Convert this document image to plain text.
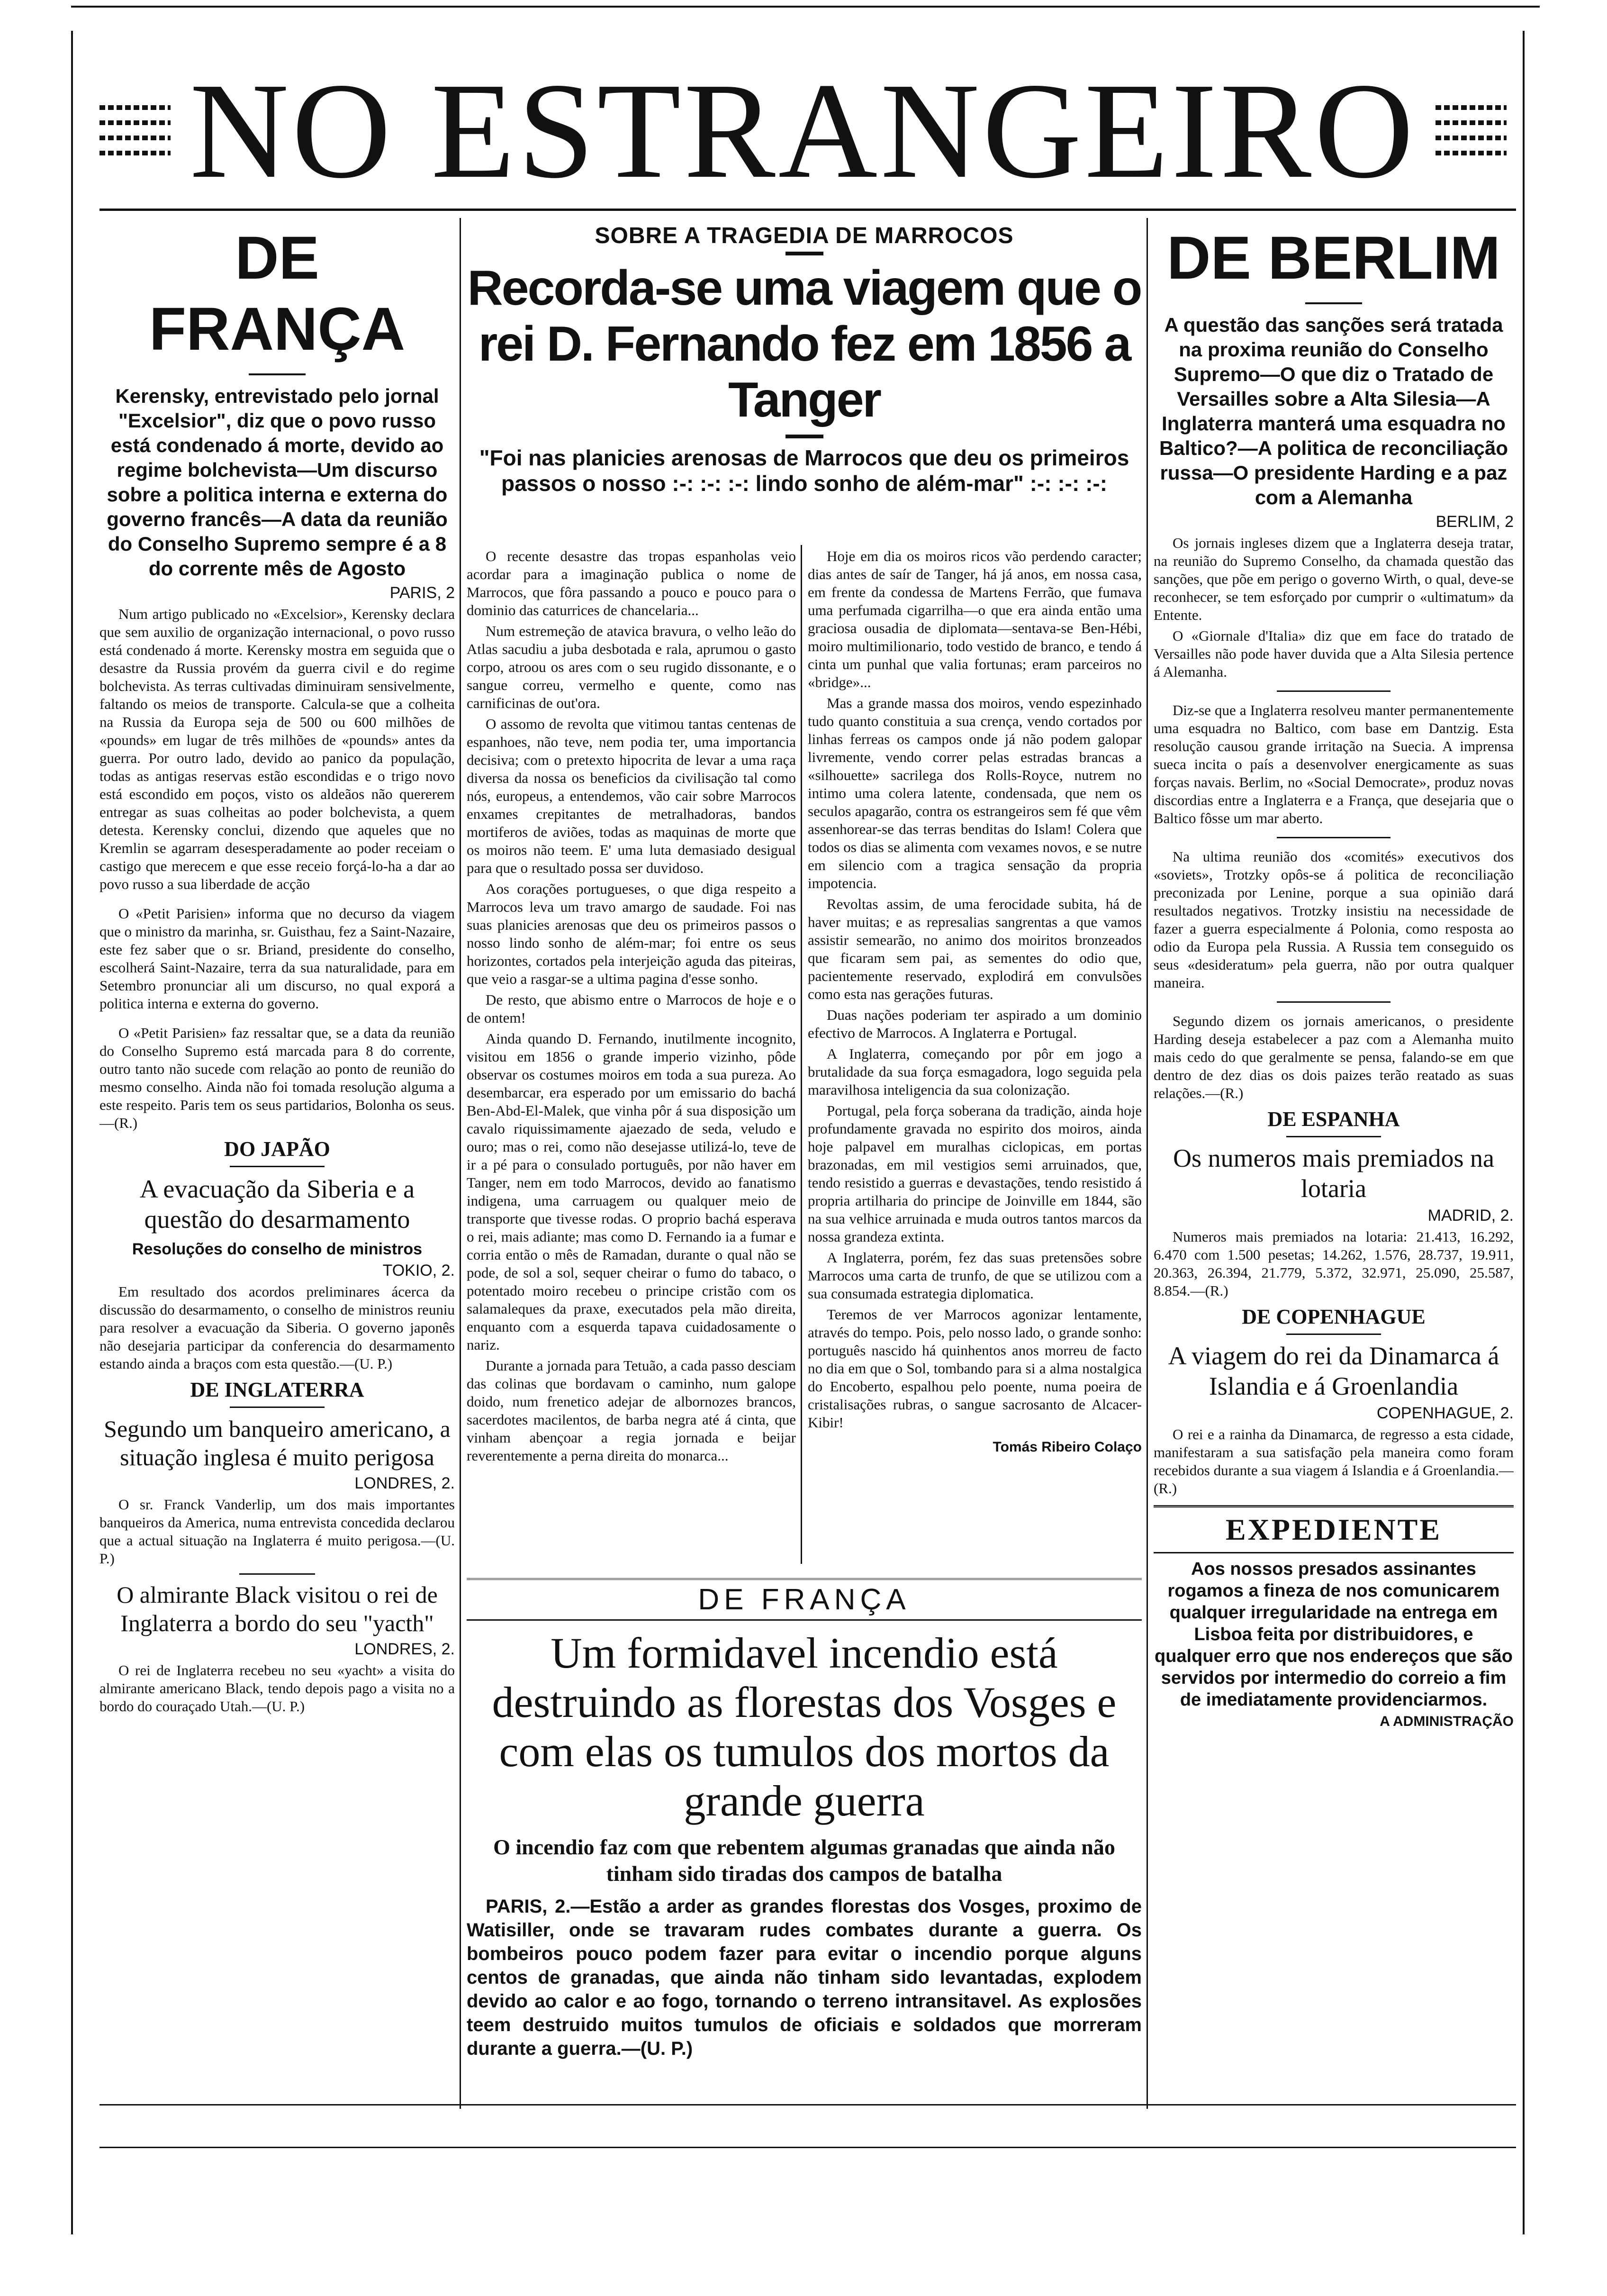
NO ESTRANGEIRO
DE FRANÇA
Kerensky, entrevistado pelo jornal "Excelsior", diz que o povo russo está condenado á morte, devido ao regime bolchevista—Um discurso sobre a politica interna e externa do governo francês—A data da reunião do Conselho Supremo sempre é a 8 do corrente mês de Agosto
PARIS, 2

Num artigo publicado no «Excelsior», Kerensky declara que sem auxilio de organização internacional, o povo russo está condenado á morte. Kerensky mostra em seguida que o desastre da Russia provém da guerra civil e do regime bolchevista. As terras cultivadas diminuiram sensivelmente, faltando os meios de transporte. Calcula-se que a colheita na Russia da Europa seja de 500 ou 600 milhões de «pounds» em lugar de três milhões de «pounds» antes da guerra. Por outro lado, devido ao panico da população, todas as antigas reservas estão escondidas e o trigo novo está escondido em poços, visto os aldeãos não quererem entregar as suas colheitas ao poder bolchevista, a quem detesta. Kerensky conclui, dizendo que aqueles que no Kremlin se agarram desesperadamente ao poder receiam o castigo que merecem e que esse receio forçá-lo-ha a dar ao povo russo a sua liberdade de acção

O «Petit Parisien» informa que no decurso da viagem que o ministro da marinha, sr. Guisthau, fez a Saint-Nazaire, este fez saber que o sr. Briand, presidente do conselho, escolherá Saint-Nazaire, terra da sua naturalidade, para em Setembro pronunciar ali um discurso, no qual exporá a politica interna e externa do governo.

O «Petit Parisien» faz ressaltar que, se a data da reunião do Conselho Supremo está marcada para 8 do corrente, outro tanto não sucede com relação ao ponto de reunião do mesmo conselho. Ainda não foi tomada resolução alguma a este respeito. Paris tem os seus partidarios, Bolonha os seus.—(R.)

DO JAPÃO
A evacuação da Siberia e a questão do desarmamento
Resoluções do conselho de ministros
TOKIO, 2.

Em resultado dos acordos preliminares ácerca da discussão do desarmamento, o conselho de ministros reuniu para resolver a evacuação da Siberia. O governo japonês não desejaria participar da conferencia do desarmamento estando ainda a braços com esta questão.—(U. P.)

DE INGLATERRA
Segundo um banqueiro americano, a situação inglesa é muito perigosa
LONDRES, 2.

O sr. Franck Vanderlip, um dos mais importantes banqueiros da America, numa entrevista concedida declarou que a actual situação na Inglaterra é muito perigosa.—(U. P.)

O almirante Black visitou o rei de Inglaterra a bordo do seu "yacth"
LONDRES, 2.

O rei de Inglaterra recebeu no seu «yacht» a visita do almirante americano Black, tendo depois pago a visita no a bordo do couraçado Utah.—(U. P.)

SOBRE A TRAGEDIA DE MARROCOS
Recorda-se uma viagem que o rei D. Fernando fez em 1856 a Tanger
"Foi nas planicies arenosas de Marrocos que deu os primeiros passos o nosso :-: :-: :-: lindo sonho de além-mar" :-: :-: :-:

O recente desastre das tropas espanholas veio acordar para a imaginação publica o nome de Marrocos, que fôra passando a pouco e pouco para o dominio das caturrices de chancelaria...

Num estremeção de atavica bravura, o velho leão do Atlas sacudiu a juba desbotada e rala, aprumou o gasto corpo, atroou os ares com o seu rugido dissonante, e o sangue correu, vermelho e quente, como nas carnificinas de out'ora.

O assomo de revolta que vitimou tantas centenas de espanhoes, não teve, nem podia ter, uma importancia decisiva; com o pretexto hipocrita de levar a uma raça diversa da nossa os beneficios da civilisação tal como nós, europeus, a entendemos, vão cair sobre Marrocos enxames crepitantes de metralhadoras, bandos mortiferos de aviões, todas as maquinas de morte que os moiros não teem. E' uma luta demasiado desigual para que o resultado possa ser duvidoso.

Aos corações portugueses, o que diga respeito a Marrocos leva um travo amargo de saudade. Foi nas suas planicies arenosas que deu os primeiros passos o nosso lindo sonho de além-mar; foi entre os seus horizontes, cortados pela interjeição aguda das piteiras, que veio a rasgar-se a ultima pagina d'esse sonho.

De resto, que abismo entre o Marrocos de hoje e o de ontem!

Ainda quando D. Fernando, inutilmente incognito, visitou em 1856 o grande imperio vizinho, pôde observar os costumes moiros em toda a sua pureza. Ao desembarcar, era esperado por um emissario do bachá Ben-Abd-El-Malek, que vinha pôr á sua disposição um cavalo riquissimamente ajaezado de seda, veludo e ouro; mas o rei, como não desejasse utilizá-lo, teve de ir a pé para o consulado português, por não haver em Tanger, nem em todo Marrocos, devido ao fanatismo indigena, uma carruagem ou qualquer meio de transporte que tivesse rodas. O proprio bachá esperava o rei, mais adiante; mas como D. Fernando ia a fumar e corria então o mês de Ramadan, durante o qual não se pode, de sol a sol, sequer cheirar o fumo do tabaco, o potentado moiro recebeu o principe cristão com os salamaleques da praxe, executados pela mão direita, enquanto com a esquerda tapava cuidadosamente o nariz.

Durante a jornada para Tetuão, a cada passo desciam das colinas que bordavam o caminho, num galope doido, num frenetico adejar de albornozes brancos, sacerdotes macilentos, de barba negra até á cinta, que vinham abençoar a regia jornada e beijar reverentemente a perna direita do monarca...

Hoje em dia os moiros ricos vão perdendo caracter; dias antes de saír de Tanger, há já anos, em nossa casa, em frente da condessa de Martens Ferrão, que fumava uma perfumada cigarrilha—o que era ainda então uma graciosa ousadia de diplomata—sentava-se Ben-Hébi, moiro multimilionario, todo vestido de branco, e tendo á cinta um punhal que valia fortunas; eram parceiros no «bridge»...

Mas a grande massa dos moiros, vendo espezinhado tudo quanto constituia a sua crença, vendo cortados por linhas ferreas os campos onde já não podem galopar livremente, vendo correr pelas estradas brancas a «silhouette» sacrilega dos Rolls-Royce, nutrem no intimo uma colera latente, condensada, que nem os seculos apagarão, contra os estrangeiros sem fé que vêm assenhorear-se das terras benditas do Islam! Colera que todos os dias se alimenta com vexames novos, e se nutre em silencio com a tragica sensação da propria impotencia.

Revoltas assim, de uma ferocidade subita, há de haver muitas; e as represalias sangrentas a que vamos assistir semearão, no animo dos moiritos bronzeados que ficaram sem pai, as sementes do odio que, pacientemente reservado, explodirá em convulsões como esta nas gerações futuras.

Duas nações poderiam ter aspirado a um dominio efectivo de Marrocos. A Inglaterra e Portugal.

A Inglaterra, começando por pôr em jogo a brutalidade da sua força esmagadora, logo seguida pela maravilhosa inteligencia da sua colonização.

Portugal, pela força soberana da tradição, ainda hoje profundamente gravada no espirito dos moiros, ainda hoje palpavel em muralhas ciclopicas, em portas brazonadas, em mil vestigios semi arruinados, que, tendo resistido a guerras e devastações, tendo resistido á propria artilharia do principe de Joinville em 1844, são na sua velhice arruinada e muda outros tantos marcos da nossa grandeza extinta.

A Inglaterra, porém, fez das suas pretensões sobre Marrocos uma carta de trunfo, de que se utilizou com a sua consumada estrategia diplomatica.

Teremos de ver Marrocos agonizar lentamente, através do tempo. Pois, pelo nosso lado, o grande sonho: português nascido há quinhentos anos morreu de facto no dia em que o Sol, tombando para si a alma nostalgica do Encoberto, espalhou pelo poente, numa poeira de cristalisações rubras, o sangue sacrosanto de Alcacer-Kibir!

Tomás Ribeiro Colaço
DE FRANÇA
Um formidavel incendio está destruindo as florestas dos Vosges e com elas os tumulos dos mortos da grande guerra
O incendio faz com que rebentem algumas granadas que ainda não tinham sido tiradas dos campos de batalha

PARIS, 2.—Estão a arder as grandes florestas dos Vosges, proximo de Watisiller, onde se travaram rudes combates durante a guerra. Os bombeiros pouco podem fazer para evitar o incendio porque alguns centos de granadas, que ainda não tinham sido levantadas, explodem devido ao calor e ao fogo, tornando o terreno intransitavel. As explosões teem destruido muitos tumulos de oficiais e soldados que morreram durante a guerra.—(U. P.)

DE BERLIM
A questão das sanções será tratada na proxima reunião do Conselho Supremo—O que diz o Tratado de Versailles sobre a Alta Silesia—A Inglaterra manterá uma esquadra no Baltico?—A politica de reconciliação russa—O presidente Harding e a paz com a Alemanha
BERLIM, 2

Os jornais ingleses dizem que a Inglaterra deseja tratar, na reunião do Supremo Conselho, da chamada questão das sanções, que põe em perigo o governo Wirth, o qual, deve-se reconhecer, se tem esforçado por cumprir o «ultimatum» da Entente.

O «Giornale d'Italia» diz que em face do tratado de Versailles não pode haver duvida que a Alta Silesia pertence á Alemanha.

Diz-se que a Inglaterra resolveu manter permanentemente uma esquadra no Baltico, com base em Dantzig. Esta resolução causou grande irritação na Suecia. A imprensa sueca incita o país a desenvolver energicamente as suas forças navais. Berlim, no «Social Democrate», produz novas discordias entre a Inglaterra e a França, que desejaria que o Baltico fôsse um mar aberto.

Na ultima reunião dos «comités» executivos dos «soviets», Trotzky opôs-se á politica de reconciliação preconizada por Lenine, porque a sua opinião dará resultados negativos. Trotzky insistiu na necessidade de fazer a guerra especialmente á Polonia, como resposta ao odio da Europa pela Russia. A Russia tem conseguido os seus «desideratum» pela guerra, não por outra qualquer maneira.

Segundo dizem os jornais americanos, o presidente Harding deseja estabelecer a paz com a Alemanha muito mais cedo do que geralmente se pensa, falando-se em que dentro de dez dias os dois paizes terão reatado as suas relações.—(R.)

DE ESPANHA
Os numeros mais premiados na lotaria
MADRID, 2.

Numeros mais premiados na lotaria: 21.413, 16.292, 6.470 com 1.500 pesetas; 14.262, 1.576, 28.737, 19.911, 20.363, 26.394, 21.779, 5.372, 32.971, 25.090, 25.587, 8.854.—(R.)

DE COPENHAGUE
A viagem do rei da Dinamarca á Islandia e á Groenlandia
COPENHAGUE, 2.

O rei e a rainha da Dinamarca, de regresso a esta cidade, manifestaram a sua satisfação pela maneira como foram recebidos durante a sua viagem á Islandia e á Groenlandia.—(R.)

EXPEDIENTE

Aos nossos presados assinantes rogamos a fineza de nos comunicarem qualquer irregularidade na entrega em Lisboa feita por distribuidores, e qualquer erro que nos endereços que são servidos por intermedio do correio a fim de imediatamente providenciarmos.

A ADMINISTRAÇÃO
